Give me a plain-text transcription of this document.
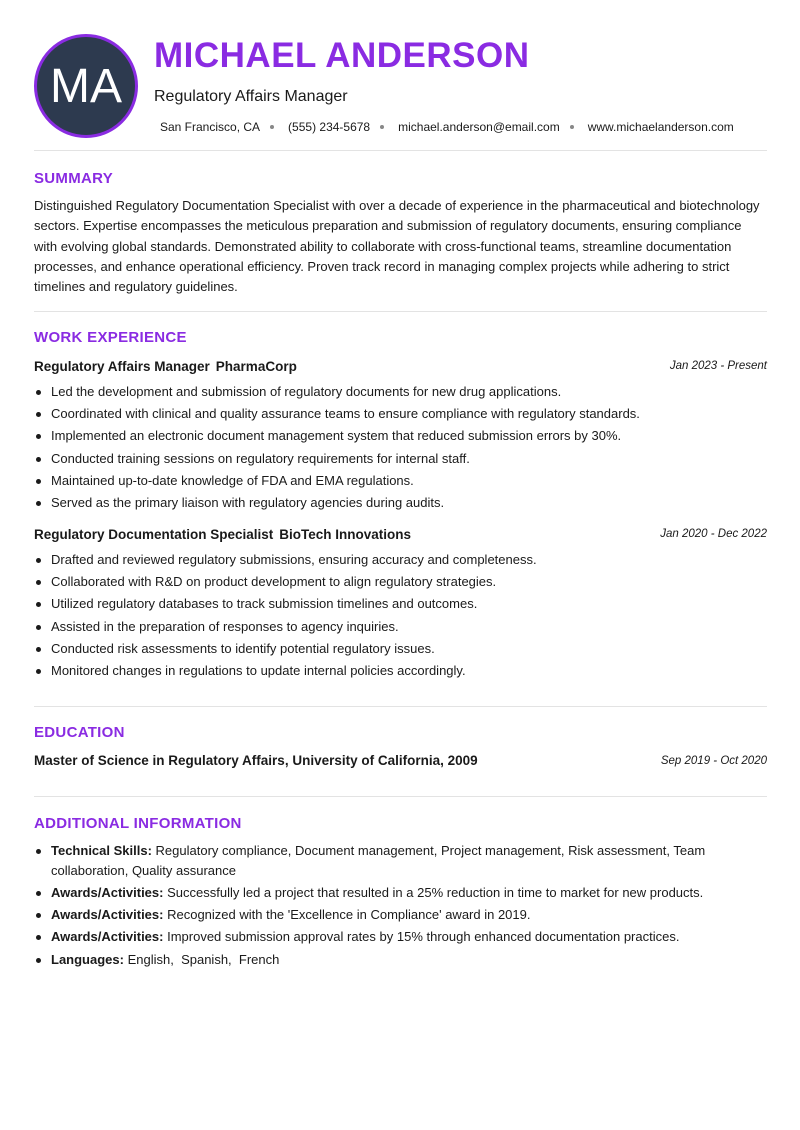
MA
MICHAEL ANDERSON
Regulatory Affairs Manager
San Francisco, CA (555) 234-5678 michael.anderson@email.com www.michaelanderson.com
SUMMARY

Distinguished Regulatory Documentation Specialist with over a decade of experience in the pharmaceutical and biotechnology sectors. Expertise encompasses the meticulous preparation and submission of regulatory documents, ensuring compliance with evolving global standards. Demonstrated ability to collaborate with cross-functional teams, streamline documentation processes, and enhance operational efficiency. Proven track record in managing complex projects while adhering to strict timelines and regulatory guidelines.

WORK EXPERIENCE
Regulatory Affairs Manager PharmaCorp	Jan 2023 - Present
Led the development and submission of regulatory documents for new drug applications.
Coordinated with clinical and quality assurance teams to ensure compliance with regulatory standards.
Implemented an electronic document management system that reduced submission errors by 30%.
Conducted training sessions on regulatory requirements for internal staff.
Maintained up-to-date knowledge of FDA and EMA regulations.
Served as the primary liaison with regulatory agencies during audits.
Regulatory Documentation Specialist BioTech Innovations	Jan 2020 - Dec 2022
Drafted and reviewed regulatory submissions, ensuring accuracy and completeness.
Collaborated with R&D on product development to align regulatory strategies.
Utilized regulatory databases to track submission timelines and outcomes.
Assisted in the preparation of responses to agency inquiries.
Conducted risk assessments to identify potential regulatory issues.
Monitored changes in regulations to update internal policies accordingly.
EDUCATION
Master of Science in Regulatory Affairs, University of California, 2009	Sep 2019 - Oct 2020
ADDITIONAL INFORMATION
Technical Skills: Regulatory compliance, Document management, Project management, Risk assessment, Team collaboration, Quality assurance
Awards/Activities: Successfully led a project that resulted in a 25% reduction in time to market for new products.
Awards/Activities: Recognized with the 'Excellence in Compliance' award in 2019.
Awards/Activities: Improved submission approval rates by 15% through enhanced documentation practices.
Languages: English,  Spanish,  French
